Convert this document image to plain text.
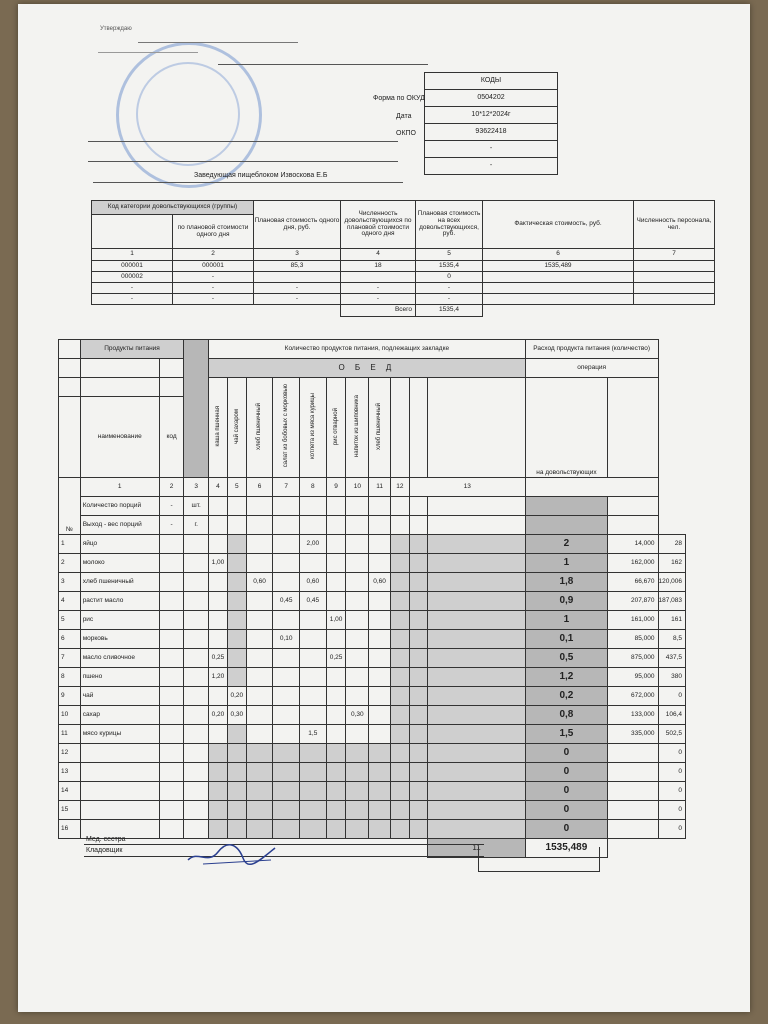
Утверждаю
КОДЫ
0504202
10*12*2024г
93622418
-
-
Форма по ОКУД
Дата
ОКПО
Заведующая пищеблоком Извоскова Е.Б
Код категории довольствующихся (группы)		Плановая стоимость одного дня, руб.	Численность довольствующихся по плановой стоимости одного дня	Плановая стоимость на всех довольствующихся, руб.	Фактическая стоимость, руб.	Численность персонала, чел.
	по плановой стоимости одного дня					
1	2	3	4	5	6	7
000001	000001	85,3	18	1535,4	1535,489	
000002	-			0		
-	-	-	-	-		
-	-	-	-	-		
			Всего	1535,4		
	Продукты питания			Количество продуктов питания, подлежащих закладке											Расход продукта питания (количество)		
				О Б Е Д											операция		
				каша пшенная	чай сахаром	хлеб пшеничный	салат из бобовых с морковью	котлета из мяса курицы	рис отварной	напиток из шиповника	хлеб пшеничный				на довольствующих		
	наименование	код															
№	1	2	3	4	5	6	7	8	9	10	11	12	13	
	Количество порций	-	шт.														
	Выход - вес порций	-	г.														
1	яйцо							2,00							2	14,000	28
2	молоко			1,00											1	162,000	162
3	хлеб пшеничный					0,60		0,60			0,60				1,8	66,670	120,006
4	растит масло						0,45	0,45							0,9	207,870	187,083
5	рис								1,00						1	161,000	161
6	морковь						0,10								0,1	85,000	8,5
7	масло сливочное			0,25					0,25						0,5	875,000	437,5
8	пшено			1,20											1,2	95,000	380
9	чай				0,20										0,2	672,000	0
10	сахар			0,20	0,30					0,30					0,8	133,000	106,4
11	мясо курицы							1,5							1,5	335,000	502,5
12															0		0
13															0		0
14															0		0
15															0		0
16															0		0
														11	1535,489		
Мед. сестра
Кладовщик
